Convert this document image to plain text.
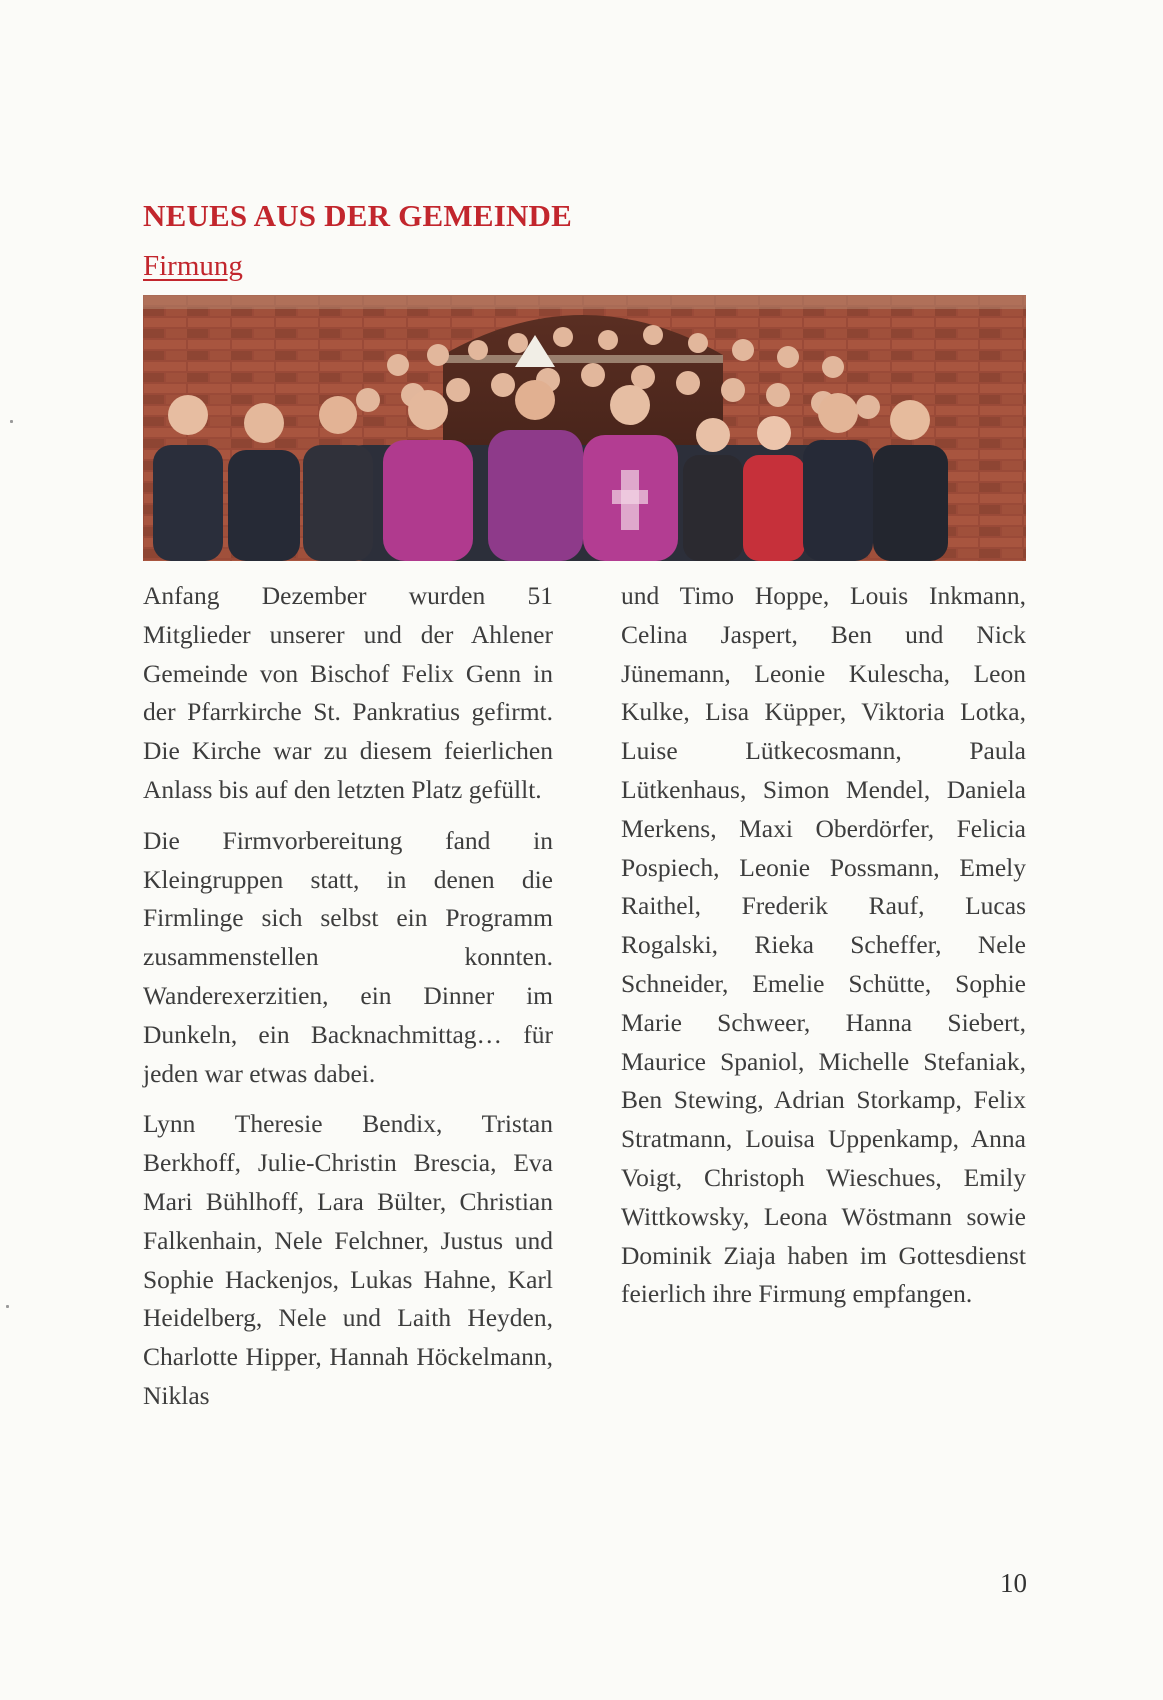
NEUES AUS DER GEMEINDE
Firmung

Anfang Dezember wurden 51 Mitglieder unserer und der Ahlener Gemeinde von Bischof Felix Genn in der Pfarrkirche St. Pankratius gefirmt. Die Kirche war zu diesem feierlichen Anlass bis auf den letzten Platz gefüllt.

Die Firmvorbereitung fand in Kleingruppen statt, in denen die Firmlinge sich selbst ein Programm zusammenstellen konnten. Wanderexerzitien, ein Dinner im Dunkeln, ein Backnachmittag… für jeden war etwas dabei.

Lynn Theresie Bendix, Tristan Berkhoff, Julie-Christin Brescia, Eva Mari Bühlhoff, Lara Bülter, Christian Falkenhain, Nele Felchner, Justus und Sophie Hackenjos, Lukas Hahne, Karl Heidelberg, Nele und Laith Heyden, Charlotte Hipper, Hannah Höckelmann, Niklas

und Timo Hoppe, Louis Inkmann, Celina Jaspert, Ben und Nick Jünemann, Leonie Kulescha, Leon Kulke, Lisa Küpper, Viktoria Lotka, Luise Lütkecosmann, Paula Lütkenhaus, Simon Mendel, Daniela Merkens, Maxi Oberdörfer, Felicia Pospiech, Leonie Possmann, Emely Raithel, Frederik Rauf, Lucas Rogalski, Rieka Scheffer, Nele Schneider, Emelie Schütte, Sophie Marie Schweer, Hanna Siebert, Maurice Spaniol, Michelle Stefaniak, Ben Stewing, Adrian Storkamp, Felix Stratmann, Louisa Uppenkamp, Anna Voigt, Christoph Wieschues, Emily Wittkowsky, Leona Wöstmann sowie Dominik Ziaja haben im Gottesdienst feierlich ihre Firmung empfangen.

10
